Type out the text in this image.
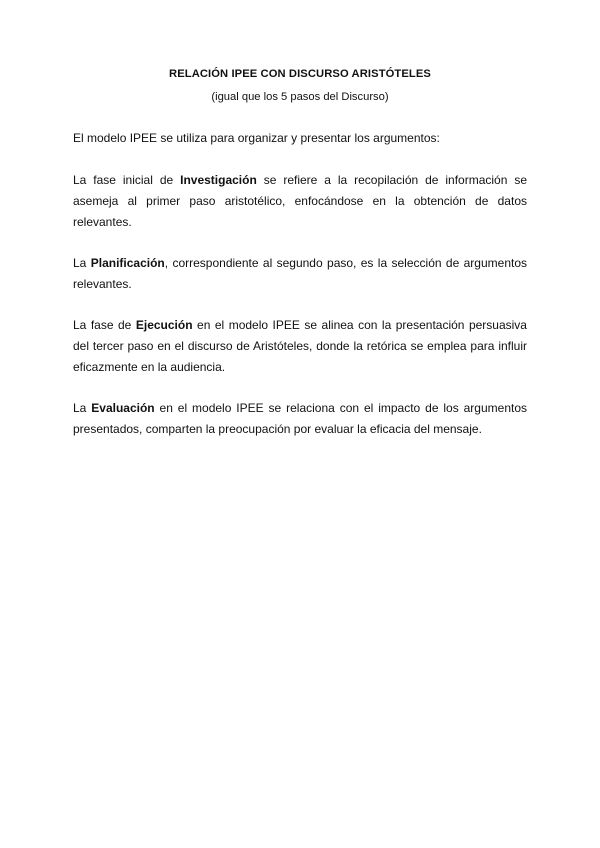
RELACIÓN IPEE CON DISCURSO ARISTÓTELES
(igual que los 5 pasos del Discurso)

El modelo IPEE se utiliza para organizar y presentar los argumentos:

La fase inicial de Investigación se refiere a la recopilación de información se asemeja al primer paso aristotélico, enfocándose en la obtención de datos relevantes.

La Planificación, correspondiente al segundo paso, es la selección de argumentos relevantes.

La fase de Ejecución en el modelo IPEE se alinea con la presentación persuasiva del tercer paso en el discurso de Aristóteles, donde la retórica se emplea para influir eficazmente en la audiencia.

La Evaluación en el modelo IPEE se relaciona con el impacto de los argumentos presentados, comparten la preocupación por evaluar la eficacia del mensaje.
